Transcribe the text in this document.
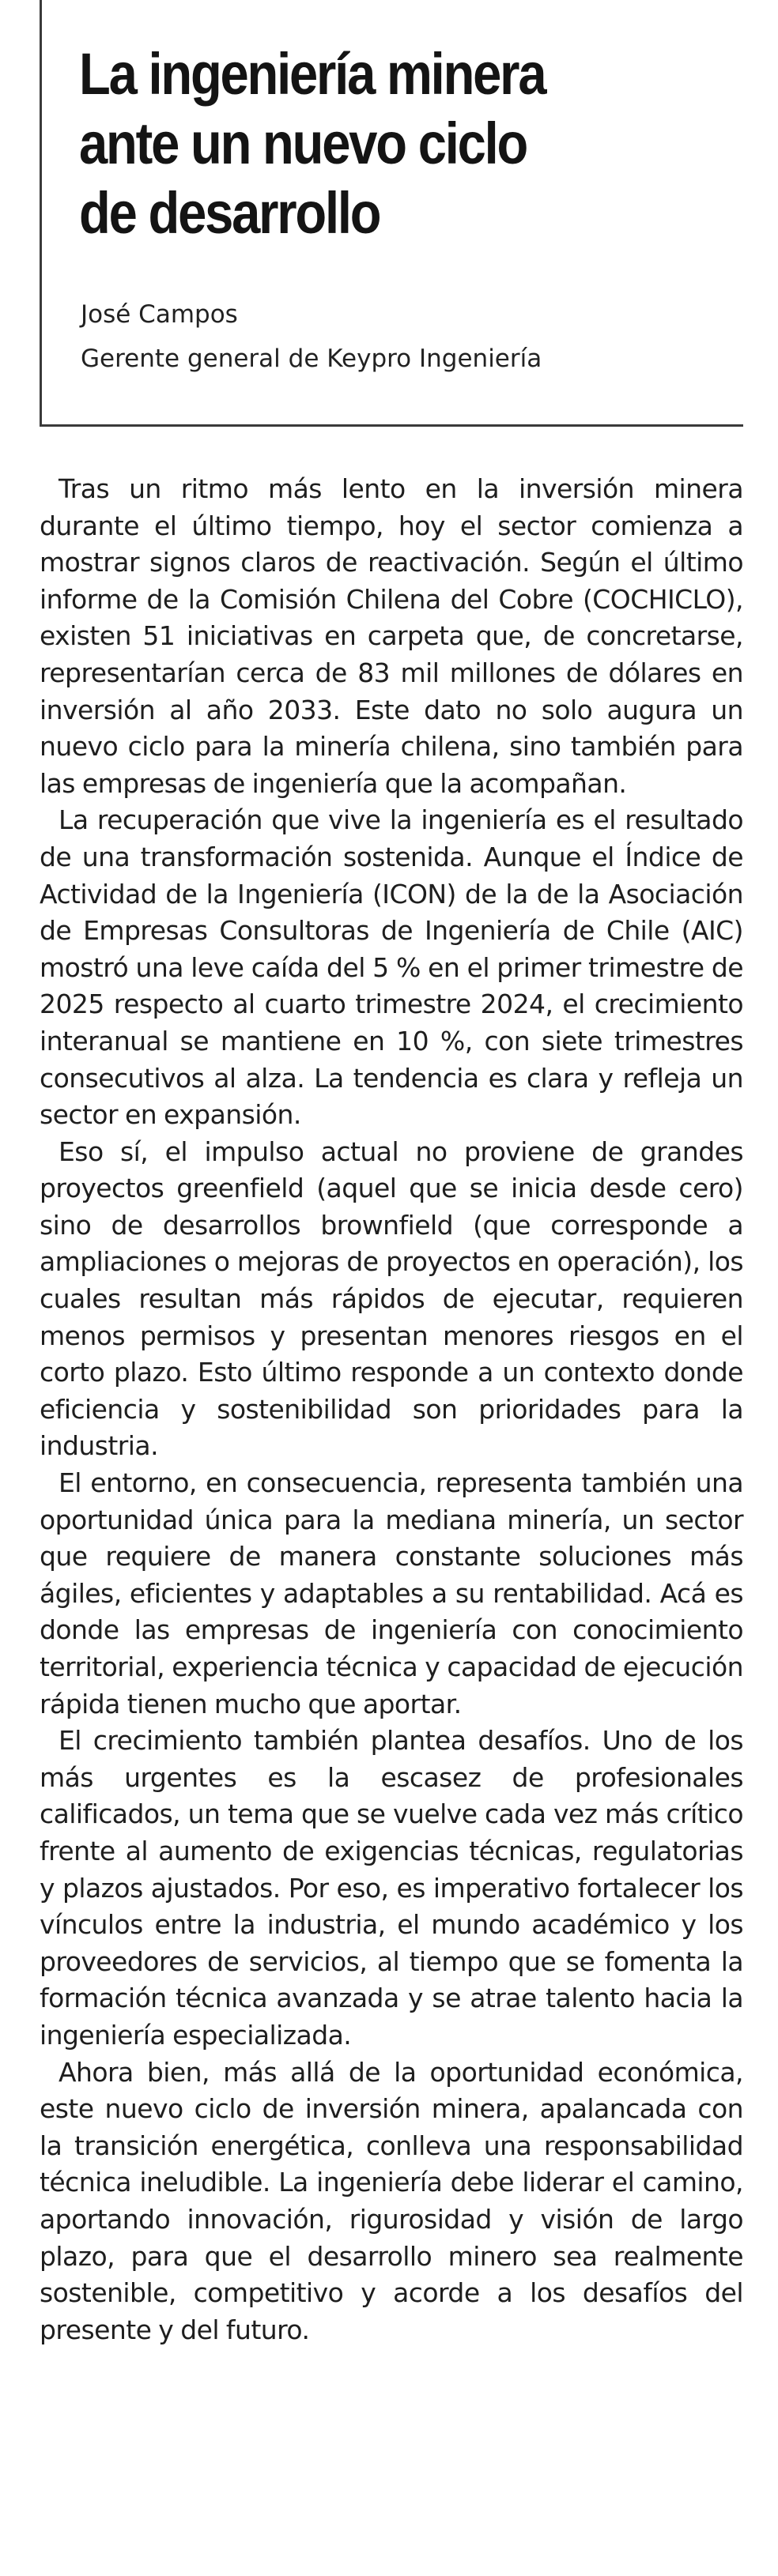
La ingeniería minera
ante un nuevo ciclo
de desarrollo
José Campos
Gerente general de Keypro Ingeniería

Tras un ritmo más lento en la inversión minera durante el último tiempo, hoy el sector comienza a mostrar signos claros de reactivación. Según el último informe de la Comisión Chilena del Cobre (COCHICLO), existen 51 iniciativas en carpeta que, de concretarse, representarían cerca de 83 mil millones de dólares en inversión al año 2033. Este dato no solo augura un nuevo ciclo para la minería chilena, sino también para las empresas de ingeniería que la acompañan.

La recuperación que vive la ingeniería es el resultado de una transformación sostenida. Aunque el Índice de Actividad de la Ingeniería (ICON) de la de la Asociación de Empresas Consultoras de Ingeniería de Chile (AIC) mostró una leve caída del 5 % en el primer trimestre de 2025 respecto al cuarto trimestre 2024, el crecimiento interanual se mantiene en 10 %, con siete trimestres consecutivos al alza. La tendencia es clara y refleja un sector en expansión.

Eso sí, el impulso actual no proviene de grandes proyectos greenfield (aquel que se inicia desde cero) sino de desarrollos brownfield (que corresponde a ampliaciones o mejoras de proyectos en operación), los cuales resultan más rápidos de ejecutar, requieren menos permisos y presentan menores riesgos en el corto plazo. Esto último responde a un contexto donde eficiencia y sostenibilidad son prioridades para la industria.

El entorno, en consecuencia, representa también una oportunidad única para la mediana minería, un sector que requiere de manera constante soluciones más ágiles, eficientes y adaptables a su rentabilidad. Acá es donde las empresas de ingeniería con conocimiento territorial, experiencia técnica y capacidad de ejecución rápida tienen mucho que aportar.

El crecimiento también plantea desafíos. Uno de los más urgentes es la escasez de profesionales calificados, un tema que se vuelve cada vez más crítico frente al aumento de exigencias técnicas, regulatorias y plazos ajustados. Por eso, es imperativo fortalecer los vínculos entre la industria, el mundo académico y los proveedores de servicios, al tiempo que se fomenta la formación técnica avanzada y se atrae talento hacia la ingeniería especializada.

Ahora bien, más allá de la oportunidad económica, este nuevo ciclo de inversión minera, apalancada con la transición energética, conlleva una responsabilidad técnica ineludible. La ingeniería debe liderar el camino, aportando innovación, rigurosidad y visión de largo plazo, para que el desarrollo minero sea realmente sostenible, competitivo y acorde a los desafíos del presente y del futuro.
